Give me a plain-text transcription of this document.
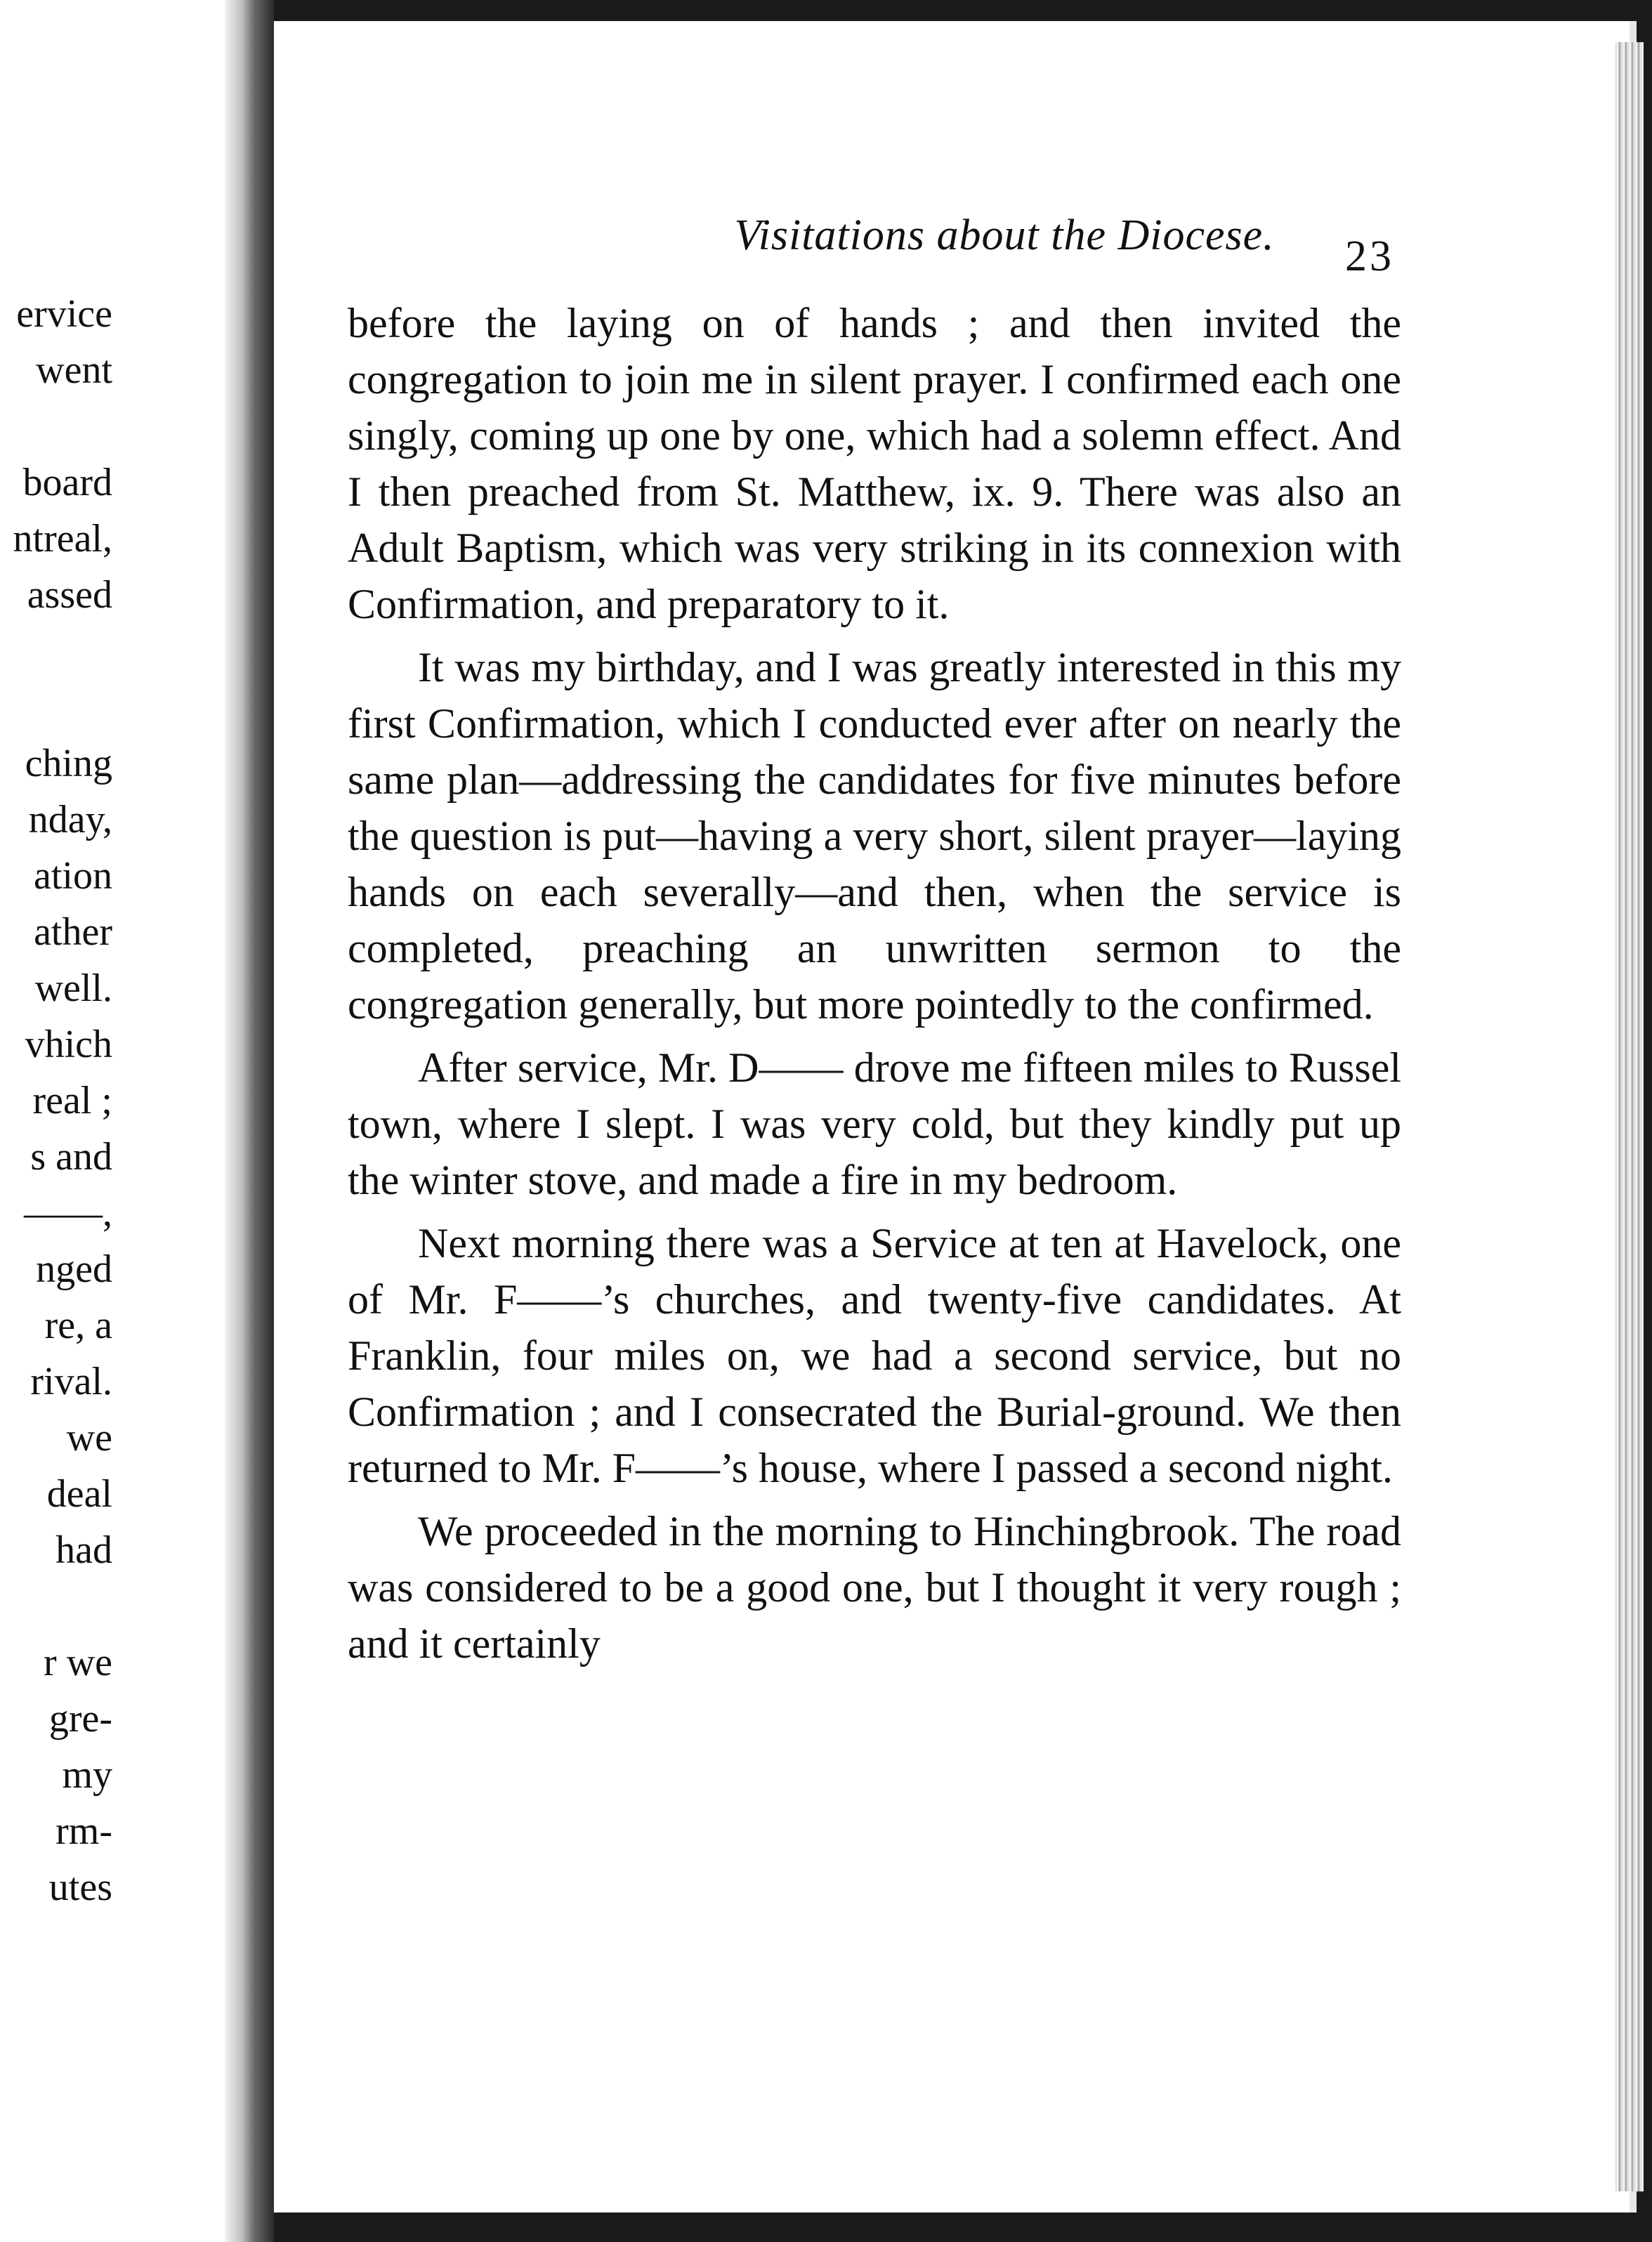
ervice
went
board
ntreal,
assed
ching
nday,
ation
ather
well.
vhich
real ;
s and
——,
nged
re, a
rival.
we
deal
had
r we
gre-
my
rm-
utes
Visitations about the Diocese.	23

before the laying on of hands ; and then invited the congregation to join me in silent prayer. I confirmed each one singly, coming up one by one, which had a solemn effect. And I then preached from St. Matthew, ix. 9. There was also an Adult Baptism, which was very striking in its connexion with Confirmation, and preparatory to it.

It was my birthday, and I was greatly interested in this my first Confirmation, which I conducted ever after on nearly the same plan—addressing the candidates for five minutes before the question is put—having a very short, silent prayer—laying hands on each severally—and then, when the service is completed, preaching an unwritten sermon to the congregation generally, but more pointedly to the confirmed.

After service, Mr. D—— drove me fifteen miles to Russel town, where I slept. I was very cold, but they kindly put up the winter stove, and made a fire in my bedroom.

Next morning there was a Service at ten at Havelock, one of Mr. F——’s churches, and twenty-five candidates. At Franklin, four miles on, we had a second service, but no Confirmation ; and I consecrated the Burial-ground. We then returned to Mr. F——’s house, where I passed a second night.

We proceeded in the morning to Hinchingbrook. The road was considered to be a good one, but I thought it very rough ; and it certainly
